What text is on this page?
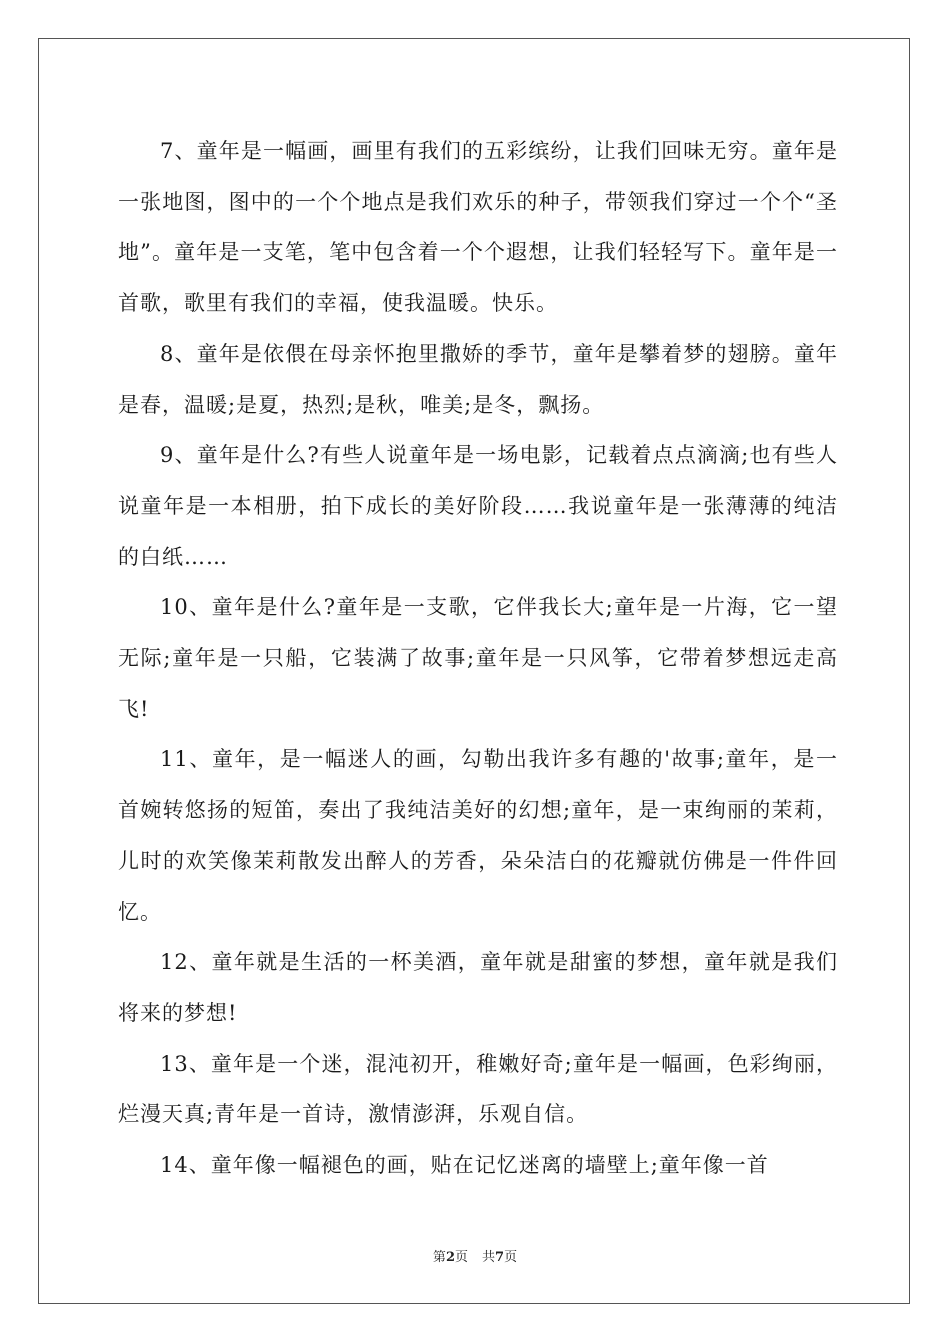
7、童年是一幅画，画里有我们的五彩缤纷，让我们回味无穷。童年是一张地图，图中的一个个地点是我们欢乐的种子，带领我们穿过一个个“圣地”。童年是一支笔，笔中包含着一个个遐想，让我们轻轻写下。童年是一首歌，歌里有我们的幸福，使我温暖。快乐。

8、童年是依偎在母亲怀抱里撒娇的季节，童年是攀着梦的翅膀。童年是春，温暖;是夏，热烈;是秋，唯美;是冬，飘扬。

9、童年是什么?有些人说童年是一场电影，记载着点点滴滴;也有些人说童年是一本相册，拍下成长的美好阶段……我说童年是一张薄薄的纯洁的白纸……

10、童年是什么?童年是一支歌，它伴我长大;童年是一片海，它一望无际;童年是一只船，它装满了故事;童年是一只风筝，它带着梦想远走高飞!

11、童年，是一幅迷人的画，勾勒出我许多有趣的'故事;童年，是一首婉转悠扬的短笛，奏出了我纯洁美好的幻想;童年，是一束绚丽的茉莉，儿时的欢笑像茉莉散发出醉人的芳香，朵朵洁白的花瓣就仿佛是一件件回忆。

12、童年就是生活的一杯美酒，童年就是甜蜜的梦想，童年就是我们将来的梦想!

13、童年是一个迷，混沌初开，稚嫩好奇;童年是一幅画，色彩绚丽，烂漫天真;青年是一首诗，激情澎湃，乐观自信。

14、童年像一幅褪色的画，贴在记忆迷离的墙壁上;童年像一首

第2页 共7页
